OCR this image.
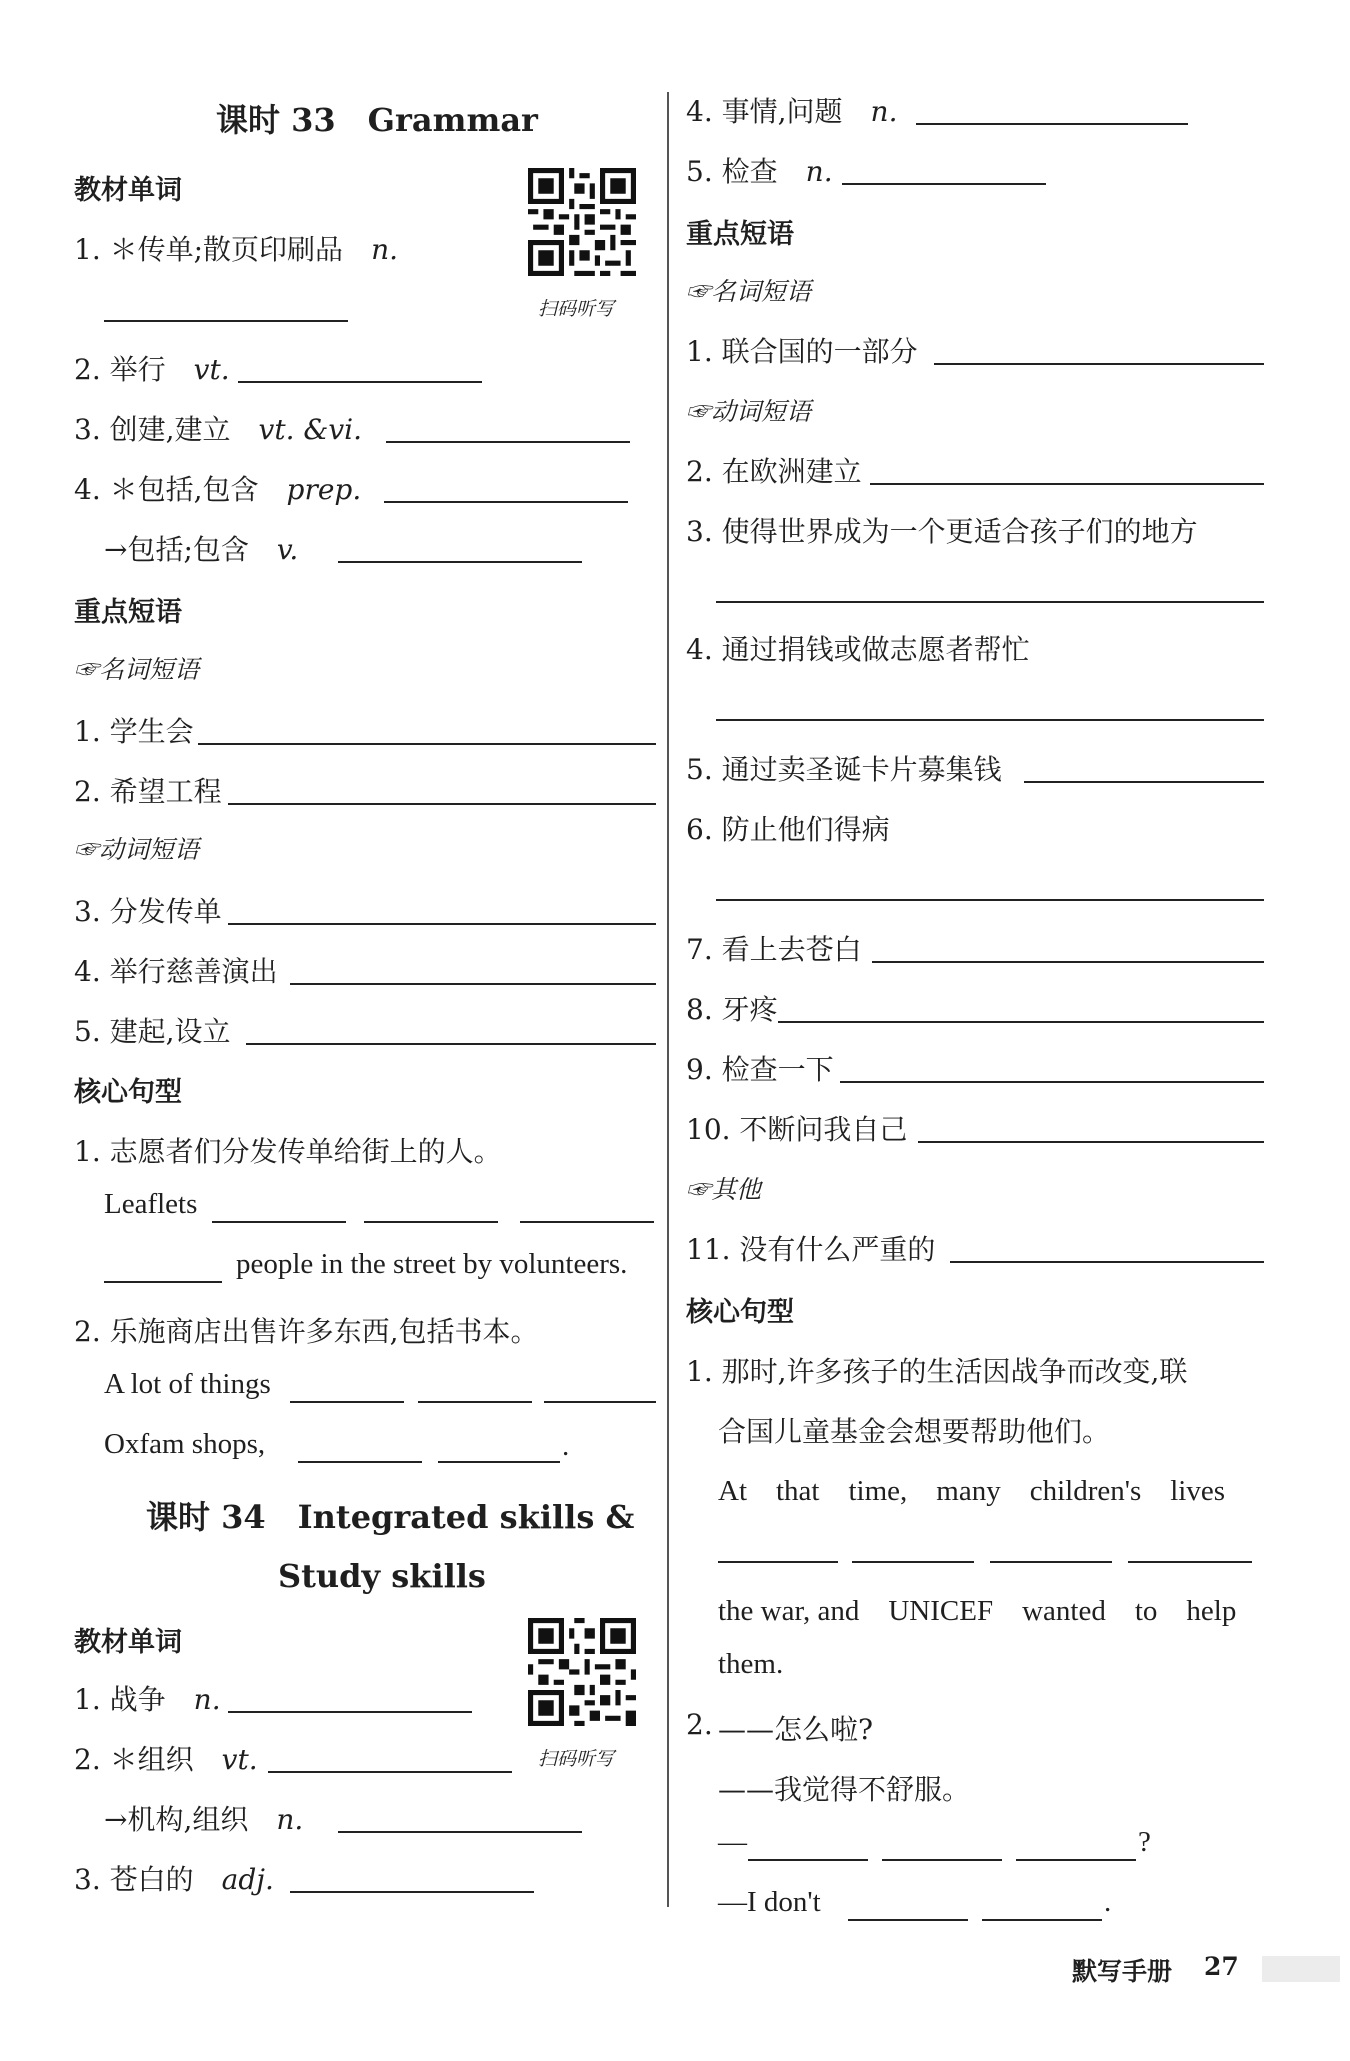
课时 33　Grammar
教材单词
扫码听写
1. ＊传单;散页印刷品　 n.
2. 举行　 vt.
3. 创建,建立　 vt. &vi.
4. ＊包括,包含　 prep.
→包括;包含　 v.
重点短语
☞名词短语
1. 学生会
2. 希望工程
☞动词短语
3. 分发传单
4. 举行慈善演出
5. 建起,设立
核心句型
1. 志愿者们分发传单给街上的人。
Leaflets
people in the street by volunteers.
2. 乐施商店出售许多东西,包括书本。
A lot of things
Oxfam shops,	.
课时 34　Integrated skills &
Study skills
教材单词
扫码听写
1. 战争　 n.
2. ＊组织　 vt.
→机构,组织　 n.
3. 苍白的　 adj.
4. 事情,问题　 n.
5. 检查　 n.
重点短语
☞名词短语
1. 联合国的一部分
☞动词短语
2. 在欧洲建立
3. 使得世界成为一个更适合孩子们的地方
4. 通过捐钱或做志愿者帮忙
5. 通过卖圣诞卡片募集钱
6. 防止他们得病
7. 看上去苍白
8. 牙疼
9. 检查一下
10. 不断问我自己
☞其他
11. 没有什么严重的
核心句型
1. 那时,许多孩子的生活因战争而改变,联
合国儿童基金会想要帮助他们。
At　that　time,　many　children's　lives
the war, and　UNICEF　wanted　to　help
them.
2. ——怎么啦?
——我觉得不舒服。
—	?
—I don't	.
默写手册 27
